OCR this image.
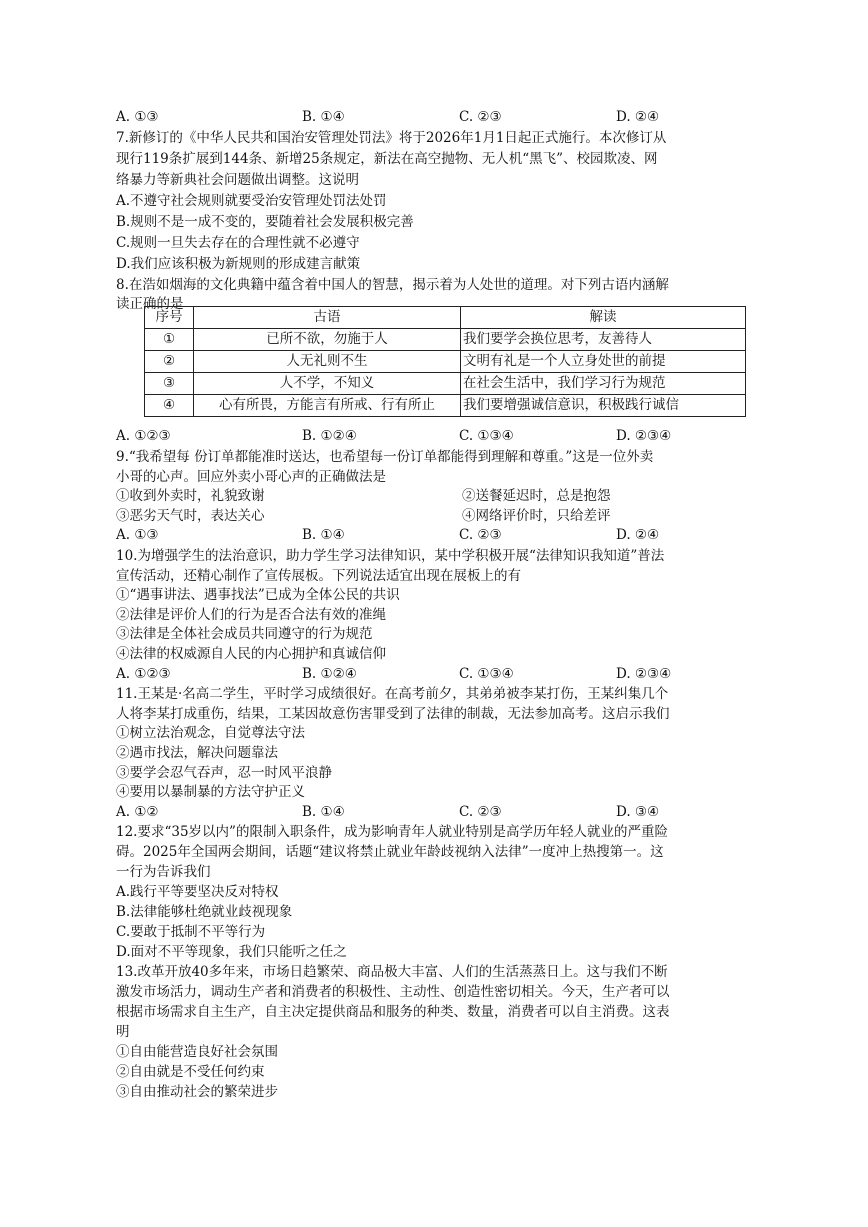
A. ①③	B. ①④	C. ②③	D. ②④
7.新修订的《中华人民共和国治安管理处罚法》将于2026年1月1日起正式施行。本次修订从
现行119条扩展到144条、新增25条规定，新法在高空抛物、无人机“黑飞”、校园欺凌、网
络暴力等新典社会问题做出调整。这说明
A.不遵守社会规则就要受治安管理处罚法处罚
B.规则不是一成不变的，要随着社会发展积极完善
C.规则一旦失去存在的合理性就不必遵守
D.我们应该积极为新规则的形成建言献策
8.在浩如烟海的文化典籍中蕴含着中国人的智慧，揭示着为人处世的道理。对下列古语内涵解
读正确的是
序号	古语	解读
①	已所不欲，勿施于人	我们要学会换位思考，友善待人
②	人无礼则不生	文明有礼是一个人立身处世的前提
③	人不学，不知义	在社会生活中，我们学习行为规范
④	心有所畏，方能言有所戒、行有所止	我们要增强诚信意识，积极践行诚信
A. ①②③	B. ①②④	C. ①③④	D. ②③④
9.“我希望每 份订单都能准时送达，也希望每一份订单都能得到理解和尊重。”这是一位外卖
小哥的心声。回应外卖小哥心声的正确做法是
①收到外卖时，礼貌致谢	②送餐延迟时，总是抱怨
③恶劣天气时，表达关心	④网络评价时，只给差评
A. ①③	B. ①④	C. ②③	D. ②④
10.为增强学生的法治意识，助力学生学习法律知识，某中学积极开展“法律知识我知道”普法
宣传活动，还精心制作了宣传展板。下列说法适宜出现在展板上的有
①“遇事讲法、遇事找法”已成为全体公民的共识
②法律是评价人们的行为是否合法有效的准绳
③法律是全体社会成员共同遵守的行为规范
④法律的权威源自人民的内心拥护和真诚信仰
A. ①②③	B. ①②④	C. ①③④	D. ②③④
11.王某是·名高二学生，平时学习成绩很好。在高考前夕，其弟弟被李某打伤，王某纠集几个
人将李某打成重伤，结果，工某因故意伤害罪受到了法律的制裁，无法参加高考。这启示我们
①树立法治观念，自觉尊法守法
②遇市找法，解决问题靠法
③要学会忍气吞声，忍一时风平浪静
④要用以暴制暴的方法守护正义
A. ①②	B. ①④	C. ②③	D. ③④
12.要求“35岁以内”的限制入职条件，成为影响青年人就业特别是高学历年轻人就业的严重险
碍。2025年全国两会期间，话题“建议将禁止就业年龄歧视纳入法律”一度冲上热搜第一。这
一行为告诉我们
A.践行平等要坚决反对特权
B.法律能够杜绝就业歧视现象
C.要敢于抵制不平等行为
D.面对不平等现象，我们只能听之任之
13.改革开放40多年来，市场日趋繁荣、商品极大丰富、人们的生活蒸蒸日上。这与我们不断
激发市场活力，调动生产者和消费者的积极性、主动性、创造性密切相关。今天，生产者可以
根据市场需求自主生产，自主决定提供商品和服务的种类、数量，消费者可以自主消费。这表
明
①自由能营造良好社会氛围
②自由就是不受任何约束
③自由推动社会的繁荣进步
